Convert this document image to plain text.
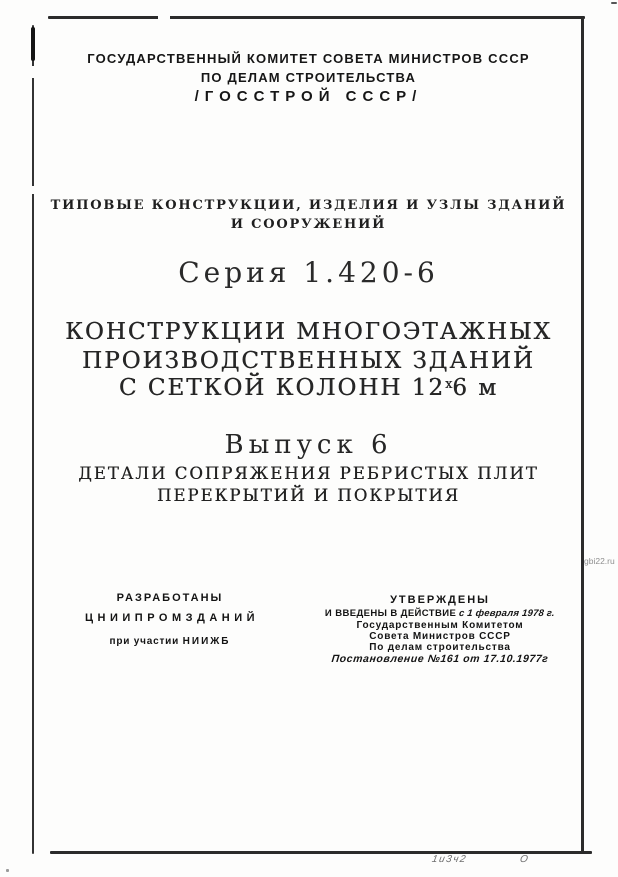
ГОСУДАРСТВЕННЫЙ КОМИТЕТ СОВЕТА МИНИСТРОВ СССР
ПО ДЕЛАМ СТРОИТЕЛЬСТВА
/ГОССТРОЙ СССР/
ТИПОВЫЕ КОНСТРУКЦИИ, ИЗДЕЛИЯ И УЗЛЫ ЗДАНИЙ
И СООРУЖЕНИЙ
Серия 1.420-6
КОНСТРУКЦИИ МНОГОЭТАЖНЫХ
ПРОИЗВОДСТВЕННЫХ ЗДАНИЙ
С СЕТКОЙ КОЛОНН $12^х6$ м
Выпуск 6
ДЕТАЛИ СОПРЯЖЕНИЯ РЕБРИСТЫХ ПЛИТ
ПЕРЕКРЫТИЙ И ПОКРЫТИЯ
РАЗРАБОТАНЫ
ЦНИИПРОМЗДАНИЙ
при участии НИИЖБ
УТВЕРЖДЕНЫ
И ВВЕДЕНЫ В ДЕЙСТВИЕ с 1 февраля 1978 г.
Государственным Комитетом
Совета Министров СССР
По делам строительства
Постановление №161 от 17.10.1977г
gbi22.ru
1и3ч2	О
